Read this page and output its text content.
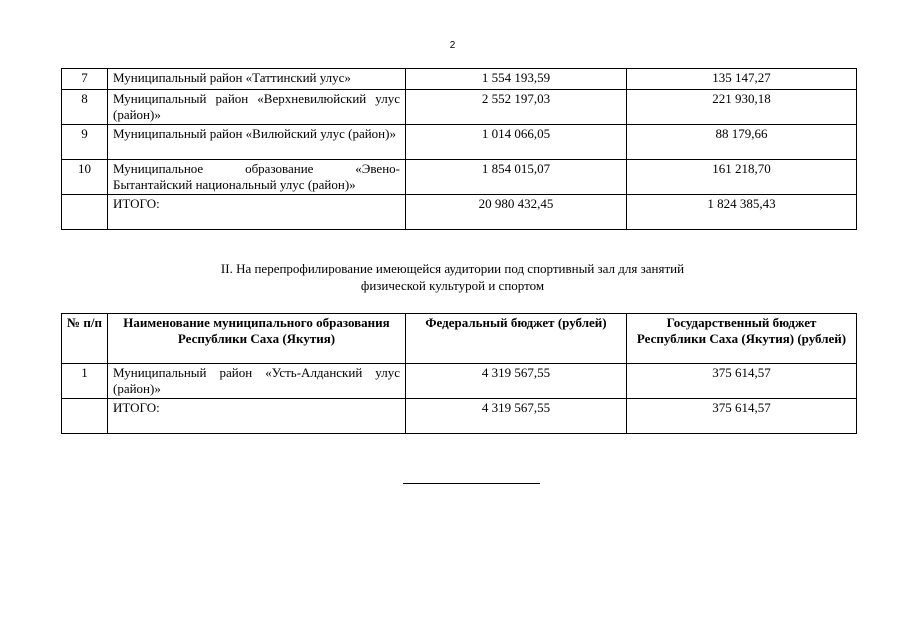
2
7	Муниципальный район «Таттинский улус»	1 554 193,59	135 147,27
8	Муниципальный район «Верхневилюйский улус (район)»	2 552 197,03	221 930,18
9	Муниципальный район «Вилюйский улус (район)»	1 014 066,05	88 179,66
10	Муниципальное образование «Эвено-Бытантайский национальный улус (район)»	1 854 015,07	161 218,70
	ИТОГО:	20 980 432,45	1 824 385,43
II. На перепрофилирование имеющейся аудитории под спортивный зал для занятий
физической культурой и спортом
№ п/п	Наименование муниципального образования Республики Саха (Якутия)	Федеральный бюджет (рублей)	Государственный бюджет Республики Саха (Якутия) (рублей)
1	Муниципальный район «Усть-Алданский улус (район)»	4 319 567,55	375 614,57
	ИТОГО:	4 319 567,55	375 614,57
